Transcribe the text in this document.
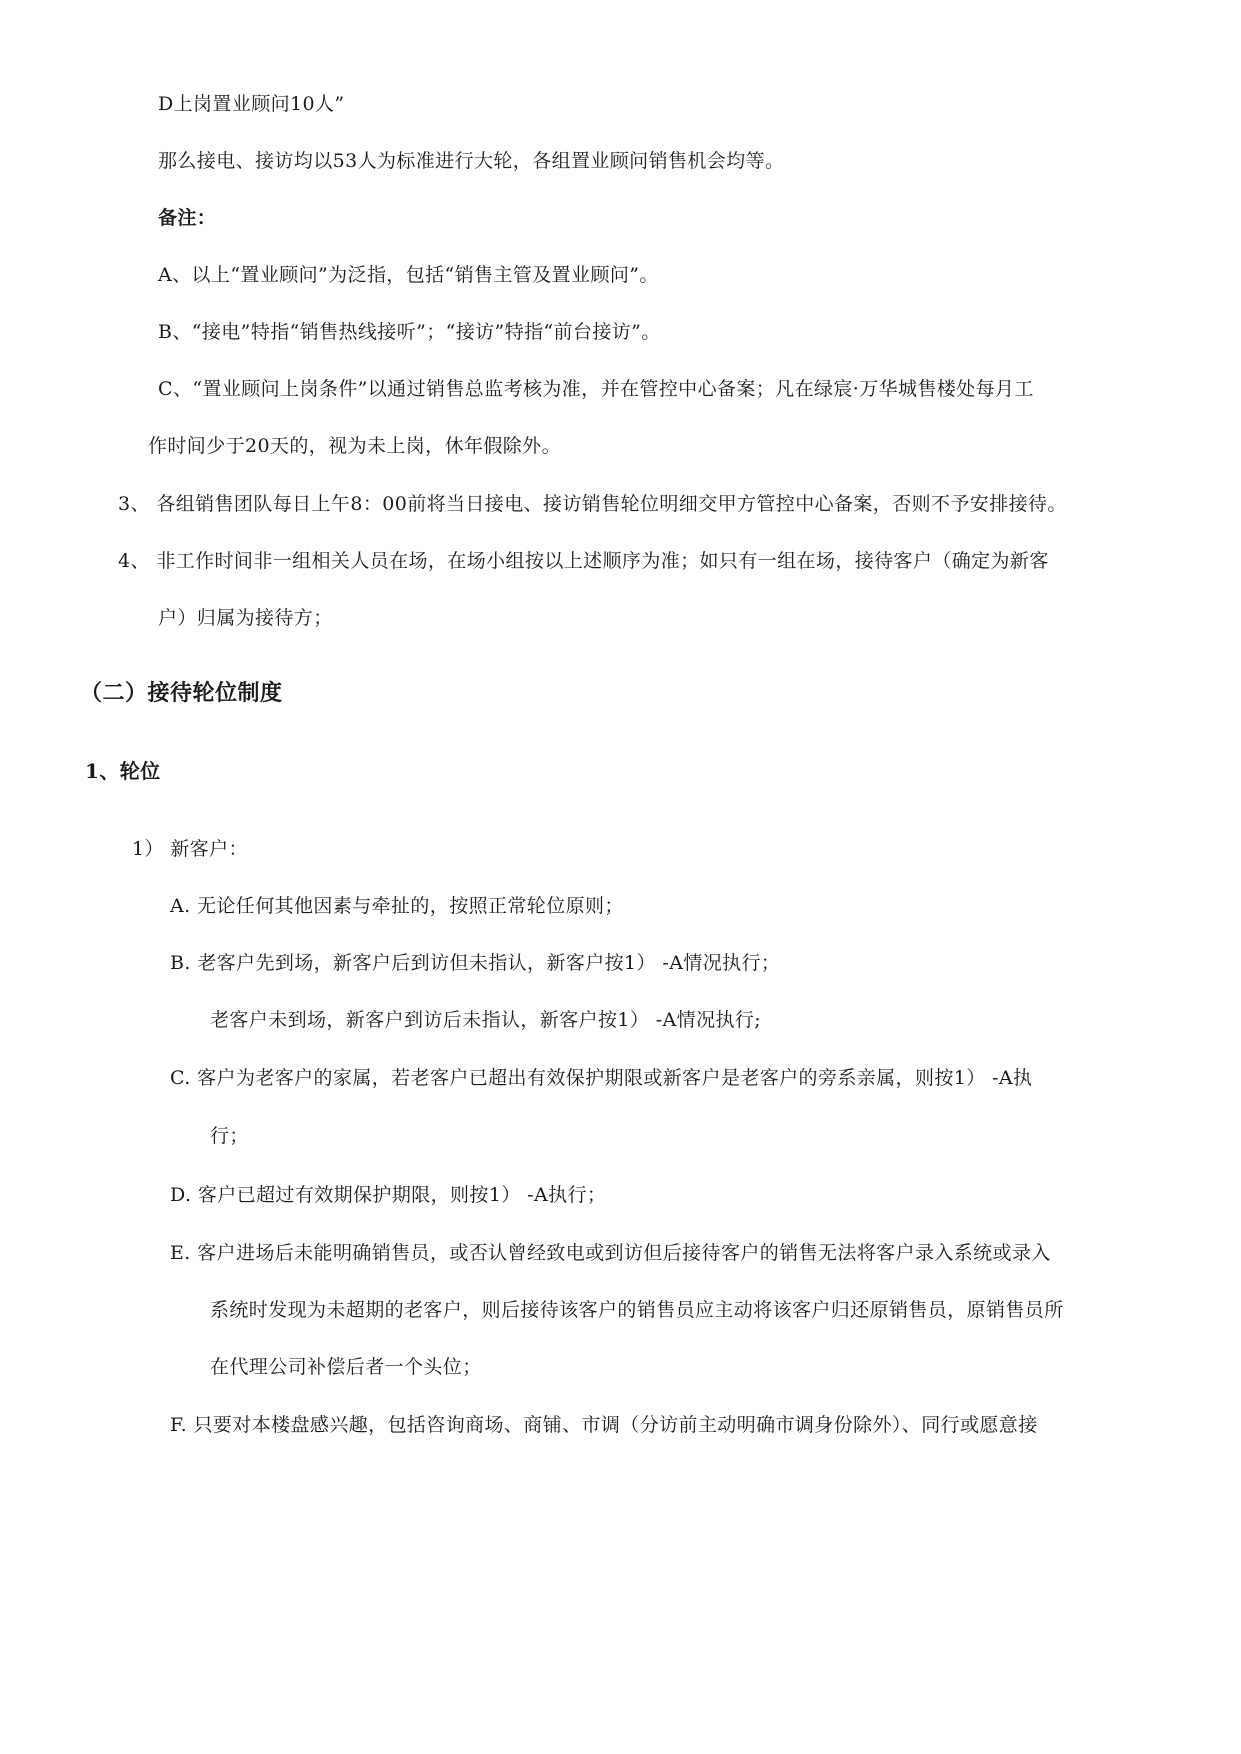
D上岗置业顾问10人”
那么接电、接访均以53人为标准进行大轮，各组置业顾问销售机会均等。
备注：
A、以上“置业顾问”为泛指，包括“销售主管及置业顾问”。
B、“接电”特指“销售热线接听”；“接访”特指“前台接访”。
C、“置业顾问上岗条件”以通过销售总监考核为准，并在管控中心备案；凡在绿宸·万华城售楼处每月工
作时间少于20天的，视为未上岗，休年假除外。
3、 各组销售团队每日上午8：00前将当日接电、接访销售轮位明细交甲方管控中心备案，否则不予安排接待。
4、 非工作时间非一组相关人员在场，在场小组按以上述顺序为准；如只有一组在场，接待客户（确定为新客
户）归属为接待方；
（二）接待轮位制度
1、轮位
1） 新客户：
A. 无论任何其他因素与牵扯的，按照正常轮位原则；
B. 老客户先到场，新客户后到访但未指认，新客户按1） -A情况执行；
老客户未到场，新客户到访后未指认，新客户按1） -A情况执行;
C. 客户为老客户的家属，若老客户已超出有效保护期限或新客户是老客户的旁系亲属，则按1） -A执
行；
D. 客户已超过有效期保护期限，则按1） -A执行；
E. 客户进场后未能明确销售员，或否认曾经致电或到访但后接待客户的销售无法将客户录入系统或录入
系统时发现为未超期的老客户，则后接待该客户的销售员应主动将该客户归还原销售员，原销售员所
在代理公司补偿后者一个头位；
F. 只要对本楼盘感兴趣，包括咨询商场、商铺、市调（分访前主动明确市调身份除外）、同行或愿意接
